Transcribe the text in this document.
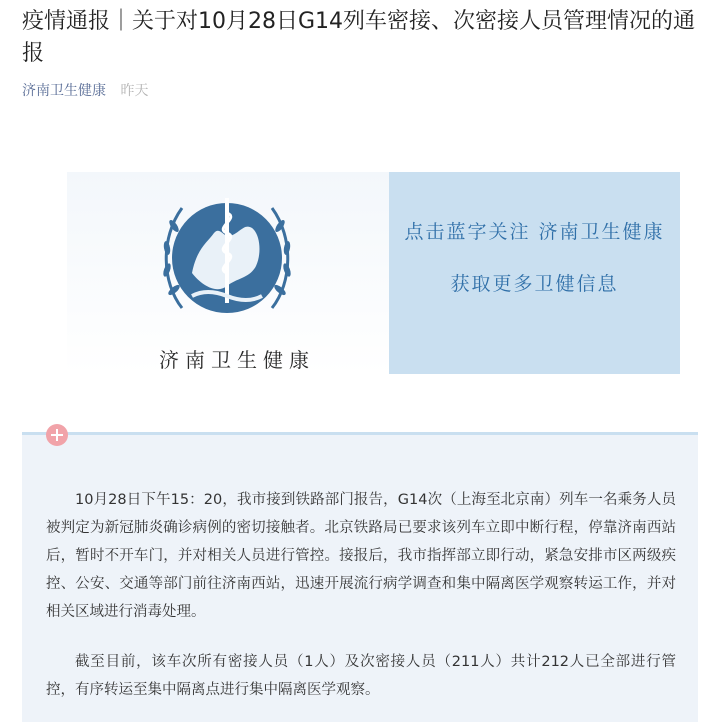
疫情通报｜关于对10月28日G14列车密接、次密接人员管理情况的通报
济南卫生健康 昨天
济南卫生健康
点击蓝字关注 济南卫生健康
获取更多卫健信息

10月28日下午15：20，我市接到铁路部门报告，G14次（上海至北京南）列车一名乘务人员被判定为新冠肺炎确诊病例的密切接触者。北京铁路局已要求该列车立即中断行程，停靠济南西站后，暂时不开车门，并对相关人员进行管控。接报后，我市指挥部立即行动，紧急安排市区两级疾控、公安、交通等部门前往济南西站，迅速开展流行病学调查和集中隔离医学观察转运工作，并对相关区域进行消毒处理。

截至目前，该车次所有密接人员（1人）及次密接人员（211人）共计212人已全部进行管控，有序转运至集中隔离点进行集中隔离医学观察。
